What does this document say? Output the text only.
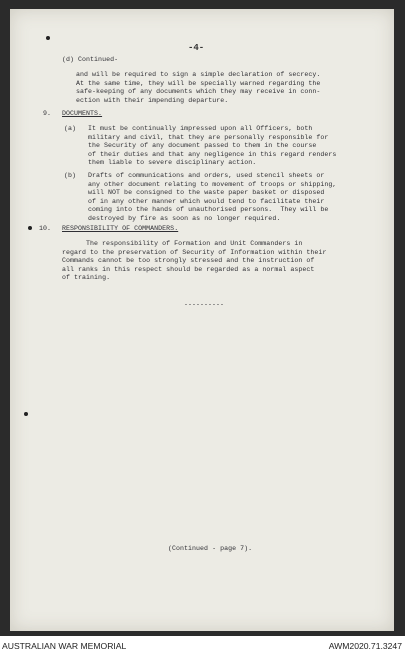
-4-
(d) Continued-
and will be required to sign a simple declaration of secrecy.
At the same time, they will be specially warned regarding the
safe-keeping of any documents which they may receive in conn-
ection with their impending departure.
9. DOCUMENTS.
(a) It must be continually impressed upon all Officers, both
military and civil, that they are personally responsible for
the Security of any document passed to them in the course
of their duties and that any negligence in this regard renders
them liable to severe disciplinary action.
(b) Drafts of communications and orders, used stencil sheets or
any other document relating to movement of troops or shipping,
will NOT be consigned to the waste paper basket or disposed
of in any other manner which would tend to facilitate their
coming into the hands of unauthorised persons.  They will be
destroyed by fire as soon as no longer required.
10. RESPONSIBILITY OF COMMANDERS.
The responsibility of Formation and Unit Commanders in
regard to the preservation of Security of Information within their
Commands cannot be too strongly stressed and the instruction of
all ranks in this respect should be regarded as a normal aspect
of training.
----------
(Continued - page 7).
AUSTRALIAN WAR MEMORIAL	AWM2020.71.3247
